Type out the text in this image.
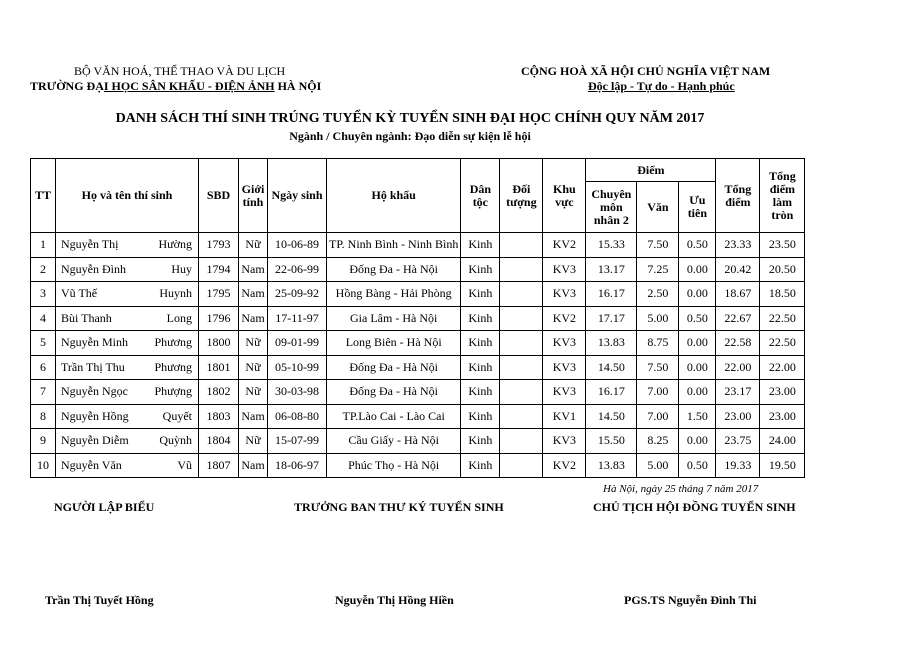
BỘ VĂN HOÁ, THỂ THAO VÀ DU LỊCH
TRƯỜNG ĐẠI HỌC SÂN KHẤU - ĐIỆN ẢNH HÀ NỘI
CỘNG HOÀ XÃ HỘI CHỦ NGHĨA VIỆT NAM
Độc lập - Tự do - Hạnh phúc
DANH SÁCH THÍ SINH TRÚNG TUYỂN KỲ TUYỂN SINH ĐẠI HỌC CHÍNH QUY NĂM 2017
Ngành / Chuyên ngành: Đạo diễn sự kiện lễ hội
TT	Họ và tên thí sinh	SBD	Giới tính	Ngày sinh	Hộ khẩu	Dân tộc	Đối tượng	Khu vực	Điểm			Tổng điểm	Tổng điểm làm tròn
									Chuyên môn nhân 2	Văn	Ưu tiên		
1	Nguyễn Thị Hường	1793	Nữ	10-06-89	TP. Ninh Bình - Ninh Bình	Kinh		KV2	15.33	7.50	0.50	23.33	23.50
2	Nguyễn Đình Huy	1794	Nam	22-06-99	Đống Đa - Hà Nội	Kinh		KV3	13.17	7.25	0.00	20.42	20.50
3	Vũ Thế Huynh	1795	Nam	25-09-92	Hồng Bàng - Hải Phòng	Kinh		KV3	16.17	2.50	0.00	18.67	18.50
4	Bùi Thanh Long	1796	Nam	17-11-97	Gia Lâm - Hà Nội	Kinh		KV2	17.17	5.00	0.50	22.67	22.50
5	Nguyễn Minh Phương	1800	Nữ	09-01-99	Long Biên - Hà Nội	Kinh		KV3	13.83	8.75	0.00	22.58	22.50
6	Trần Thị Thu Phương	1801	Nữ	05-10-99	Đống Đa - Hà Nội	Kinh		KV3	14.50	7.50	0.00	22.00	22.00
7	Nguyễn Ngọc Phượng	1802	Nữ	30-03-98	Đống Đa - Hà Nội	Kinh		KV3	16.17	7.00	0.00	23.17	23.00
8	Nguyễn Hồng Quyết	1803	Nam	06-08-80	TP.Lào Cai - Lào Cai	Kinh		KV1	14.50	7.00	1.50	23.00	23.00
9	Nguyễn Diễm Quỳnh	1804	Nữ	15-07-99	Cầu Giấy - Hà Nội	Kinh		KV3	15.50	8.25	0.00	23.75	24.00
10	Nguyễn Văn Vũ	1807	Nam	18-06-97	Phúc Thọ - Hà Nội	Kinh		KV2	13.83	5.00	0.50	19.33	19.50
Hà Nội, ngày 25 tháng 7 năm 2017
NGƯỜI LẬP BIỂU	TRƯỞNG BAN THƯ KÝ TUYỂN SINH	CHỦ TỊCH HỘI ĐỒNG TUYỂN SINH
Trần Thị Tuyết Hồng	Nguyễn Thị Hồng Hiền	PGS.TS Nguyễn Đình Thi
